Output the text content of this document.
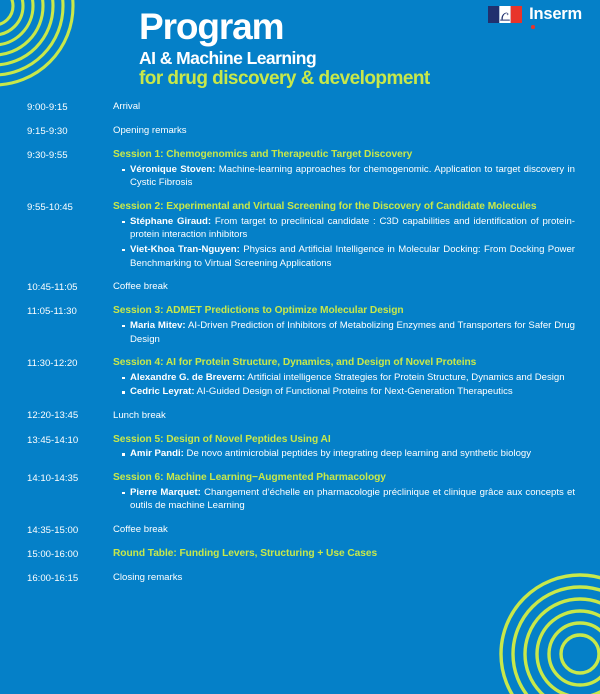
Inserm
Program
AI & Machine Learning
for drug discovery & development
9:00-9:15	Arrival
9:15-9:30	Opening remarks
9:30-9:55	Session 1: Chemogenomics and Therapeutic Target Discovery
Véronique Stoven: Machine-learning approaches for chemogenomic. Application to target discovery in Cystic Fibrosis
9:55-10:45	Session 2: Experimental and Virtual Screening for the Discovery of Candidate Molecules
Stéphane Giraud: From target to preclinical candidate : C3D capabilities and identification of protein-protein interaction inhibitors
Viet-Khoa Tran-Nguyen: Physics and Artificial Intelligence in Molecular Docking: From Docking Power Benchmarking to Virtual Screening Applications
10:45-11:05	Coffee break
11:05-11:30	Session 3: ADMET Predictions to Optimize Molecular Design
Maria Mitev: AI-Driven Prediction of Inhibitors of Metabolizing Enzymes and Transporters for Safer Drug Design
11:30-12:20	Session 4: AI for Protein Structure, Dynamics, and Design of Novel Proteins
Alexandre G. de Brevern: Artificial intelligence Strategies for Protein Structure, Dynamics and Design
Cedric Leyrat: AI-Guided Design of Functional Proteins for Next-Generation Therapeutics
12:20-13:45	Lunch break
13:45-14:10	Session 5: Design of Novel Peptides Using AI
Amir Pandi: De novo antimicrobial peptides by integrating deep learning and synthetic biology
14:10-14:35	Session 6: Machine Learning−Augmented Pharmacology
Pierre Marquet: Changement d’échelle en pharmacologie préclinique et clinique grâce aux concepts et outils de machine Learning
14:35-15:00	Coffee break
15:00-16:00	Round Table: Funding Levers, Structuring + Use Cases
16:00-16:15	Closing remarks
